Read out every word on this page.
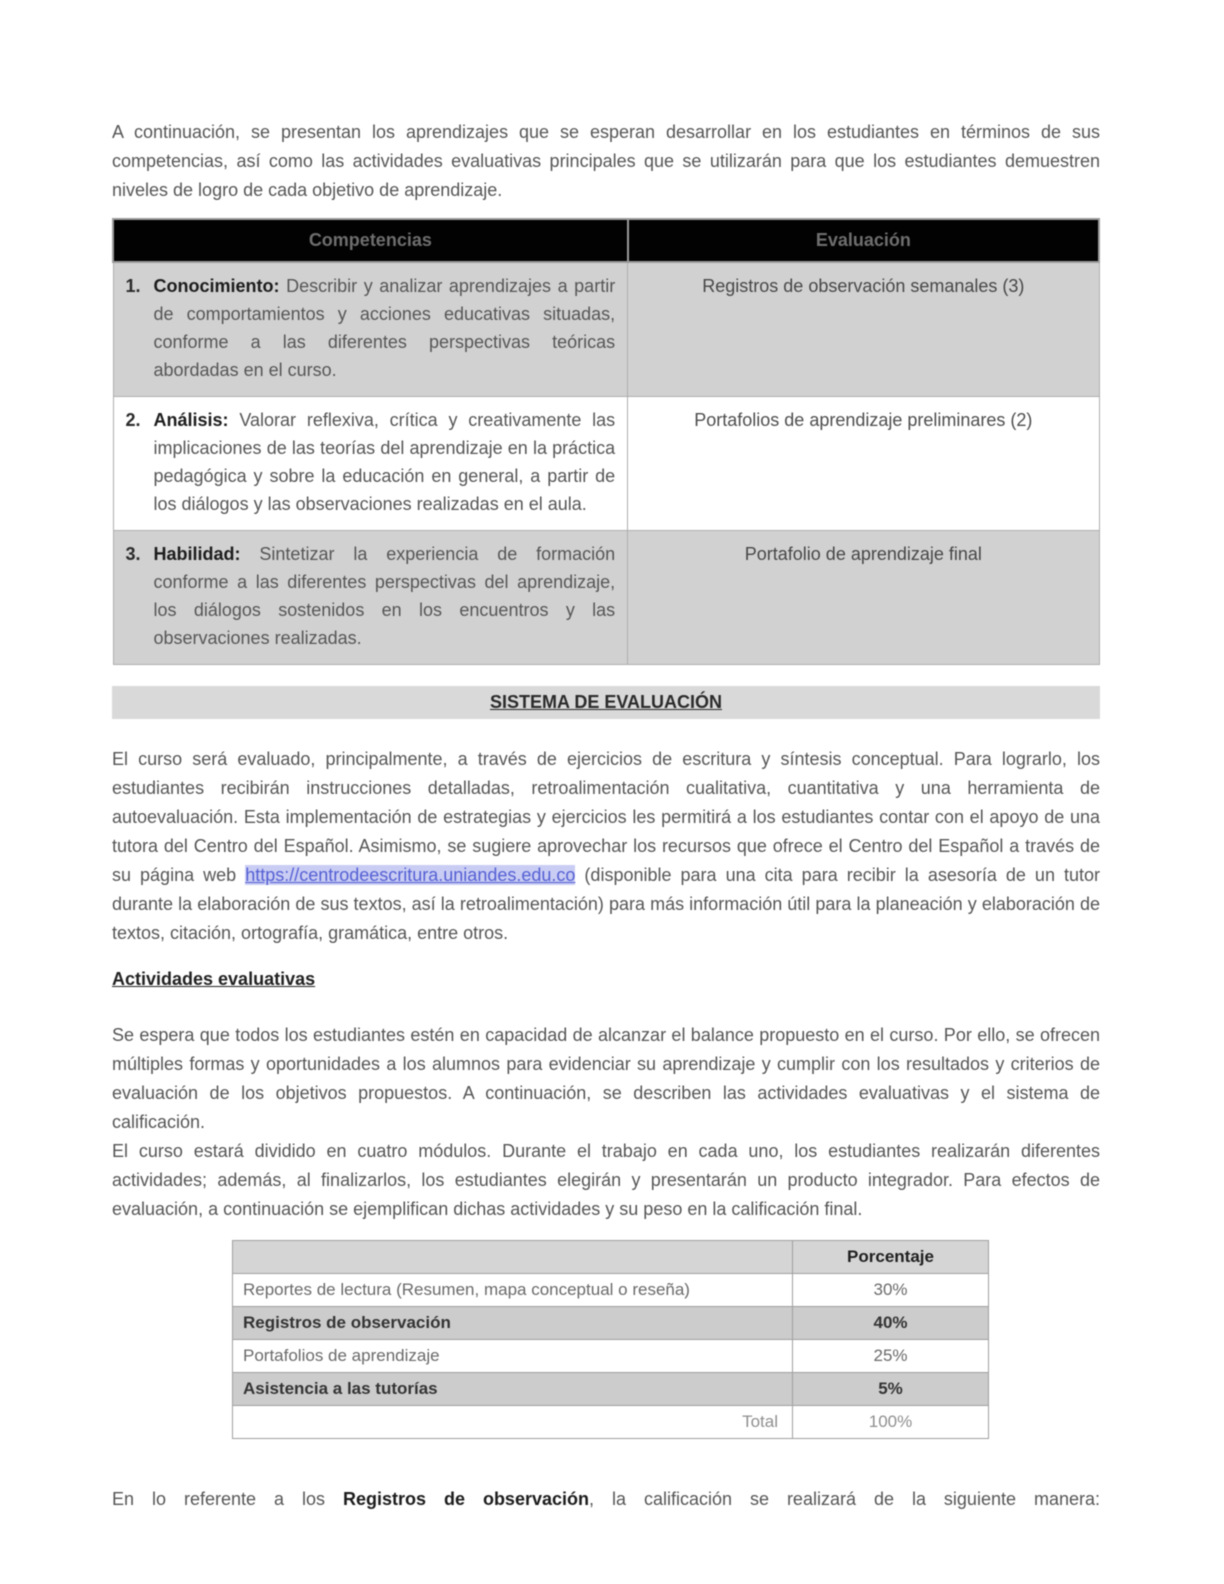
A continuación, se presentan los aprendizajes que se esperan desarrollar en los estudiantes en términos de sus competencias, así como las actividades evaluativas principales que se utilizarán para que los estudiantes demuestren niveles de logro de cada objetivo de aprendizaje.

Competencias	Evaluación

1. Conocimiento: Describir y analizar aprendizajes a partir de comportamientos y acciones educativas situadas, conforme a las diferentes perspectivas teóricas abordadas en el curso.	Registros de observación semanales (3)

2. Análisis: Valorar reflexiva, crítica y creativamente las implicaciones de las teorías del aprendizaje en la práctica pedagógica y sobre la educación en general, a partir de los diálogos y las observaciones realizadas en el aula.	Portafolios de aprendizaje preliminares (2)

3. Habilidad: Sintetizar la experiencia de formación conforme a las diferentes perspectivas del aprendizaje, los diálogos sostenidos en los encuentros y las observaciones realizadas.	Portafolio de aprendizaje final
SISTEMA DE EVALUACIÓN

El curso será evaluado, principalmente, a través de ejercicios de escritura y síntesis conceptual. Para lograrlo, los estudiantes recibirán instrucciones detalladas, retroalimentación cualitativa, cuantitativa y una herramienta de autoevaluación. Esta implementación de estrategias y ejercicios les permitirá a los estudiantes contar con el apoyo de una tutora del Centro del Español. Asimismo, se sugiere aprovechar los recursos que ofrece el Centro del Español a través de su página web https://centrodeescritura.uniandes.edu.co (disponible para una cita para recibir la asesoría de un tutor durante la elaboración de sus textos, así la retroalimentación) para más información útil para la planeación y elaboración de textos, citación, ortografía, gramática, entre otros.

Actividades evaluativas

Se espera que todos los estudiantes estén en capacidad de alcanzar el balance propuesto en el curso. Por ello, se ofrecen múltiples formas y oportunidades a los alumnos para evidenciar su aprendizaje y cumplir con los resultados y criterios de evaluación de los objetivos propuestos. A continuación, se describen las actividades evaluativas y el sistema de calificación.

El curso estará dividido en cuatro módulos. Durante el trabajo en cada uno, los estudiantes realizarán diferentes actividades; además, al finalizarlos, los estudiantes elegirán y presentarán un producto integrador. Para efectos de evaluación, a continuación se ejemplifican dichas actividades y su peso en la calificación final.

	Porcentaje
Reportes de lectura (Resumen, mapa conceptual o reseña)	30%
Registros de observación	40%
Portafolios de aprendizaje	25%
Asistencia a las tutorías	5%
Total	100%

En lo referente a los Registros de observación, la calificación se realizará de la siguiente manera:
